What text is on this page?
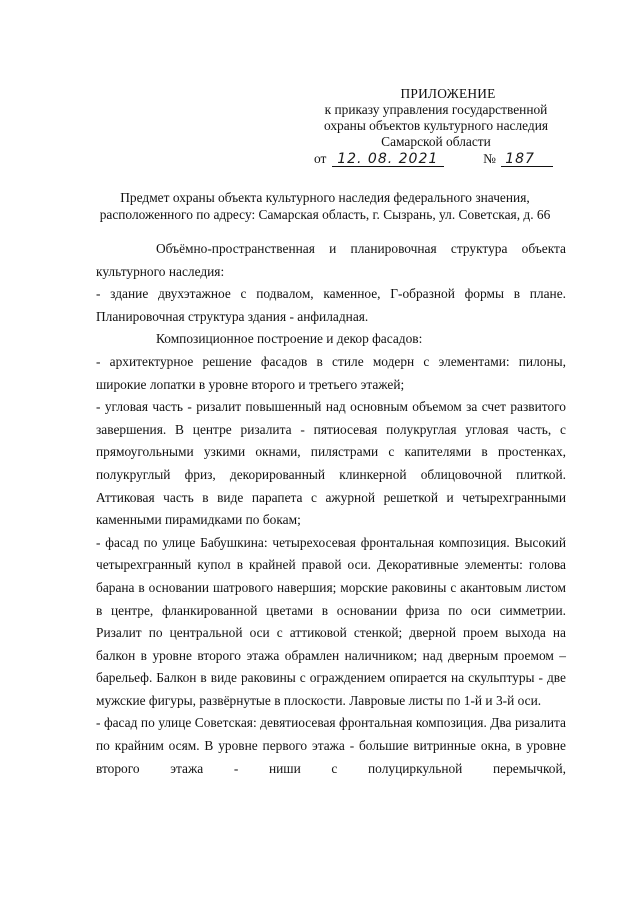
ПРИЛОЖЕНИЕ
к приказу управления государственной
охраны объектов культурного наследия
Самарской области
от 12. 08. 2021	№ 187
Предмет охраны объекта культурного наследия федерального значения,
расположенного по адресу: Самарская область, г. Сызрань, ул. Советская, д. 66

Объёмно-пространственная и планировочная структура объекта культурного наследия:

- здание двухэтажное с подвалом, каменное, Г-образной формы в плане. Планировочная структура здания - анфиладная.

Композиционное построение и декор фасадов:

- архитектурное решение фасадов в стиле модерн с элементами: пилоны, широкие лопатки в уровне второго и третьего этажей;

- угловая часть - ризалит повышенный над основным объемом за счет развитого завершения. В центре ризалита - пятиосевая полукруглая угловая часть, с прямоугольными узкими окнами, пилястрами с капителями в простенках, полукруглый фриз, декорированный клинкерной облицовочной плиткой. Аттиковая часть в виде парапета с ажурной решеткой и четырехгранными каменными пирамидками по бокам;

- фасад по улице Бабушкина: четырехосевая фронтальная композиция. Высокий четырехгранный купол в крайней правой оси. Декоративные элементы: голова барана в основании шатрового навершия; морские раковины с акантовым листом в центре, фланкированной цветами в основании фриза по оси симметрии. Ризалит по центральной оси с аттиковой стенкой; дверной проем выхода на балкон в уровне второго этажа обрамлен наличником; над дверным проемом – барельеф. Балкон в виде раковины с ограждением опирается на скульптуры - две мужские фигуры, развёрнутые в плоскости. Лавровые листы по 1-й и 3-й оси.

- фасад по улице Советская: девятиосевая фронтальная композиция. Два ризалита по крайним осям. В уровне первого этажа - большие витринные окна, в уровне второго этажа - ниши с полуциркульной перемычкой,
